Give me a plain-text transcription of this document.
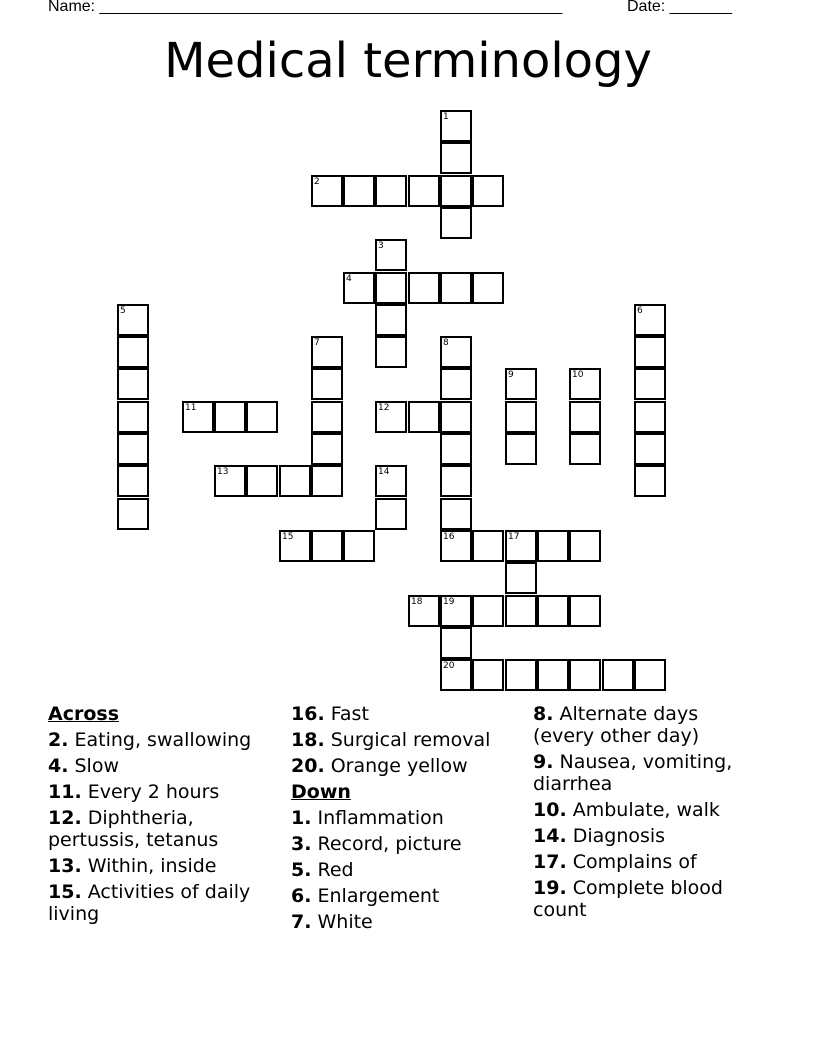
Name: ____________________________________________________	Date: _______
Medical terminology
1
2
3
4
5	6
7	8
9	10
11	12
13	14
15	16	17
18 19
20
Across
2. Eating, swallowing
4. Slow
11. Every 2 hours
12. Diphtheria, pertussis, tetanus
13. Within, inside
15. Activities of daily living
16. Fast
18. Surgical removal
20. Orange yellow
Down
1. Inflammation
3. Record, picture
5. Red
6. Enlargement
7. White
8. Alternate days (every other day)
9. Nausea, vomiting, diarrhea
10. Ambulate, walk
14. Diagnosis
17. Complains of
19. Complete blood count
